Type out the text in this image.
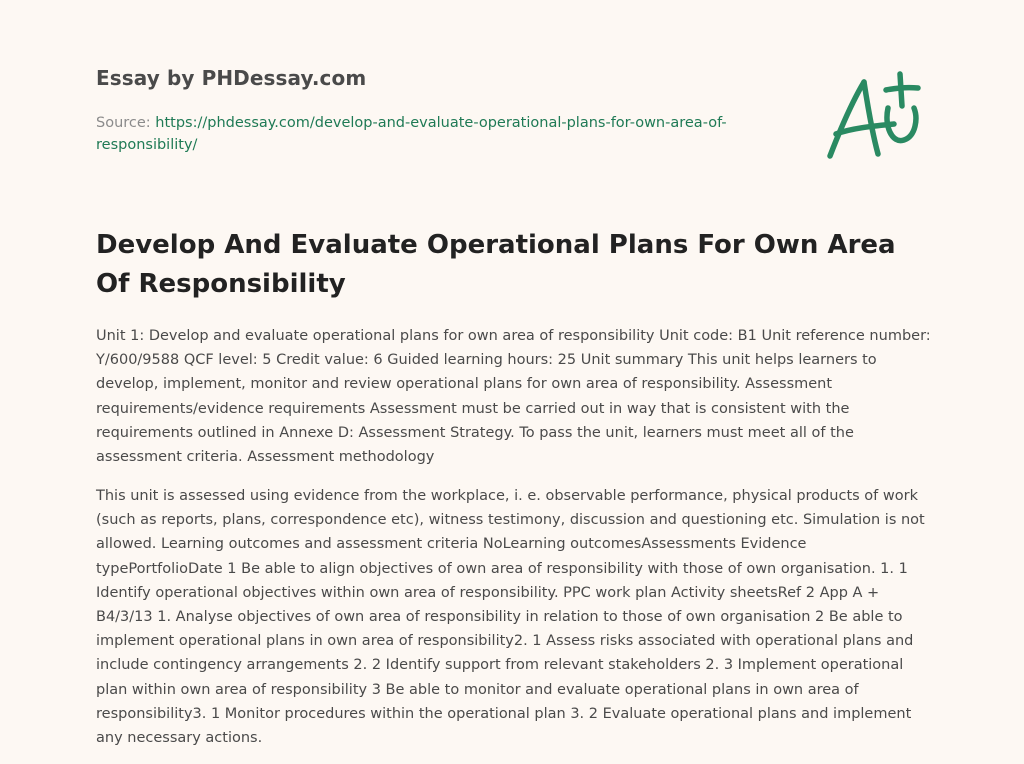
Essay by PHDessay.com
Source: https://phdessay.com/develop-and-evaluate-operational-plans-for-own-area-of-responsibility/
Develop And Evaluate Operational Plans For Own Area Of Responsibility

Unit 1: Develop and evaluate operational plans for own area of responsibility Unit code: B1 Unit reference number: Y/600/9588 QCF level: 5 Credit value: 6 Guided learning hours: 25 Unit summary This unit helps learners to develop, implement, monitor and review operational plans for own area of responsibility. Assessment requirements/evidence requirements Assessment must be carried out in way that is consistent with the requirements outlined in Annexe D: Assessment Strategy. To pass the unit, learners must meet all of the assessment criteria. Assessment methodology

This unit is assessed using evidence from the workplace, i. e. observable performance, physical products of work (such as reports, plans, correspondence etc), witness testimony, discussion and questioning etc. Simulation is not allowed. Learning outcomes and assessment criteria NoLearning outcomesAssessments Evidence typePortfolioDate 1 Be able to align objectives of own area of responsibility with those of own organisation. 1. 1 Identify operational objectives within own area of responsibility. PPC work plan Activity sheetsRef 2 App A + B4/3/13 1. Analyse objectives of own area of responsibility in relation to those of own organisation 2 Be able to implement operational plans in own area of responsibility2. 1 Assess risks associated with operational plans and include contingency arrangements 2. 2 Identify support from relevant stakeholders 2. 3 Implement operational plan within own area of responsibility 3 Be able to monitor and evaluate operational plans in own area of responsibility3. 1 Monitor procedures within the operational plan 3. 2 Evaluate operational plans and implement any necessary actions.
